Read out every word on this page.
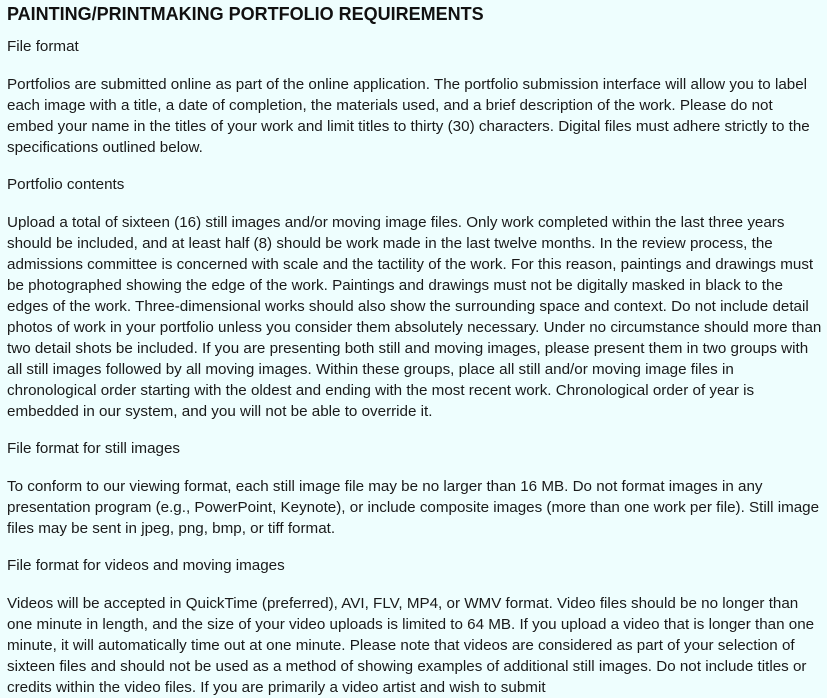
PAINTING/PRINTMAKING PORTFOLIO REQUIREMENTS
File format

Portfolios are submitted online as part of the online application. The portfolio submission interface will allow you to label each image with a title, a date of completion, the materials used, and a brief description of the work. Please do not embed your name in the titles of your work and limit titles to thirty (30) characters. Digital files must adhere strictly to the specifications outlined below.

Portfolio contents

Upload a total of sixteen (16) still images and/or moving image files. Only work completed within the last three years should be included, and at least half (8) should be work made in the last twelve months. In the review process, the admissions committee is concerned with scale and the tactility of the work. For this reason, paintings and drawings must be photographed showing the edge of the work. Paintings and drawings must not be digitally masked in black to the edges of the work. Three-dimensional works should also show the surrounding space and context. Do not include detail photos of work in your portfolio unless you consider them absolutely necessary. Under no circumstance should more than two detail shots be included. If you are presenting both still and moving images, please present them in two groups with all still images followed by all moving images. Within these groups, place all still and/or moving image files in chronological order starting with the oldest and ending with the most recent work. Chronological order of year is embedded in our system, and you will not be able to override it.

File format for still images

To conform to our viewing format, each still image file may be no larger than 16 MB. Do not format images in any presentation program (e.g., PowerPoint, Keynote), or include composite images (more than one work per file). Still image files may be sent in jpeg, png, bmp, or tiff format.

File format for videos and moving images

Videos will be accepted in QuickTime (preferred), AVI, FLV, MP4, or WMV format. Video files should be no longer than one minute in length, and the size of your video uploads is limited to 64 MB. If you upload a video that is longer than one minute, it will automatically time out at one minute. Please note that videos are considered as part of your selection of sixteen files and should not be used as a method of showing examples of additional still images. Do not include titles or credits within the video files. If you are primarily a video artist and wish to submit
